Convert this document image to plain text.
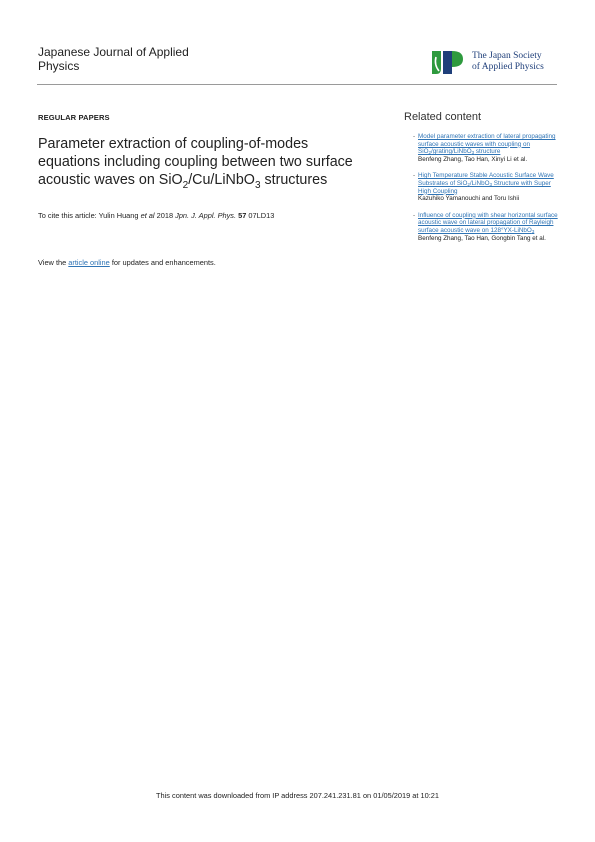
Japanese Journal of Applied
Physics
The Japan Society
of Applied Physics
REGULAR PAPERS
Parameter extraction of coupling-of-modes
equations including coupling between two surface
acoustic waves on SiO$_2$/Cu/LiNbO$_3$ structures
To cite this article: Yulin Huang et al 2018 Jpn. J. Appl. Phys. 57 07LD13
View the article online for updates and enhancements.
Related content
- Model parameter extraction of lateral propagating surface acoustic waves with coupling on SiO$_2$/grating/LiNbO$_3$ structure
Benfeng Zhang, Tao Han, Xinyi Li et al.
- High Temperature Stable Acoustic Surface Wave Substrates of SiO$_2$/LiNbO$_3$ Structure with Super High Coupling
Kazuhiko Yamanouchi and Toru Ishii
- Influence of coupling with shear horizontal surface acoustic wave on lateral propagation of Rayleigh surface acoustic wave on 128°YX-LiNbO$_3$
Benfeng Zhang, Tao Han, Gongbin Tang et al.
This content was downloaded from IP address 207.241.231.81 on 01/05/2019 at 10:21
